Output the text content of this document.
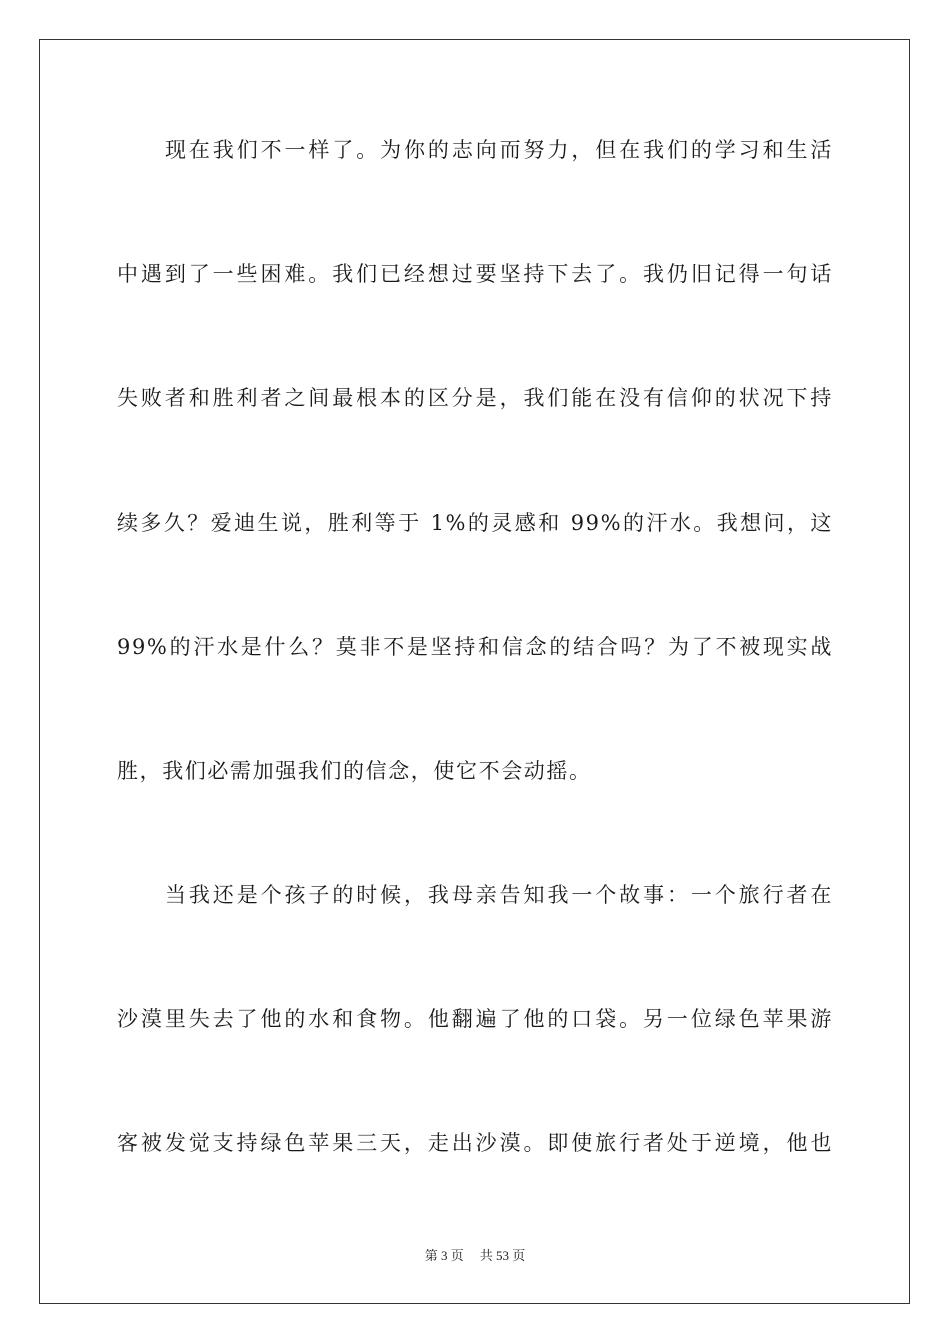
现在我们不一样了。为你的志向而努力，但在我们的学习和生活
中遇到了一些困难。我们已经想过要坚持下去了。我仍旧记得一句话
失败者和胜利者之间最根本的区分是，我们能在没有信仰的状况下持
续多久？爱迪生说，胜利等于 1%的灵感和 99%的汗水。我想问，这
99%的汗水是什么？莫非不是坚持和信念的结合吗？为了不被现实战
胜，我们必需加强我们的信念，使它不会动摇。
当我还是个孩子的时候，我母亲告知我一个故事：一个旅行者在
沙漠里失去了他的水和食物。他翻遍了他的口袋。另一位绿色苹果游
客被发觉支持绿色苹果三天，走出沙漠。即使旅行者处于逆境，他也
第 3 页 共 53 页
